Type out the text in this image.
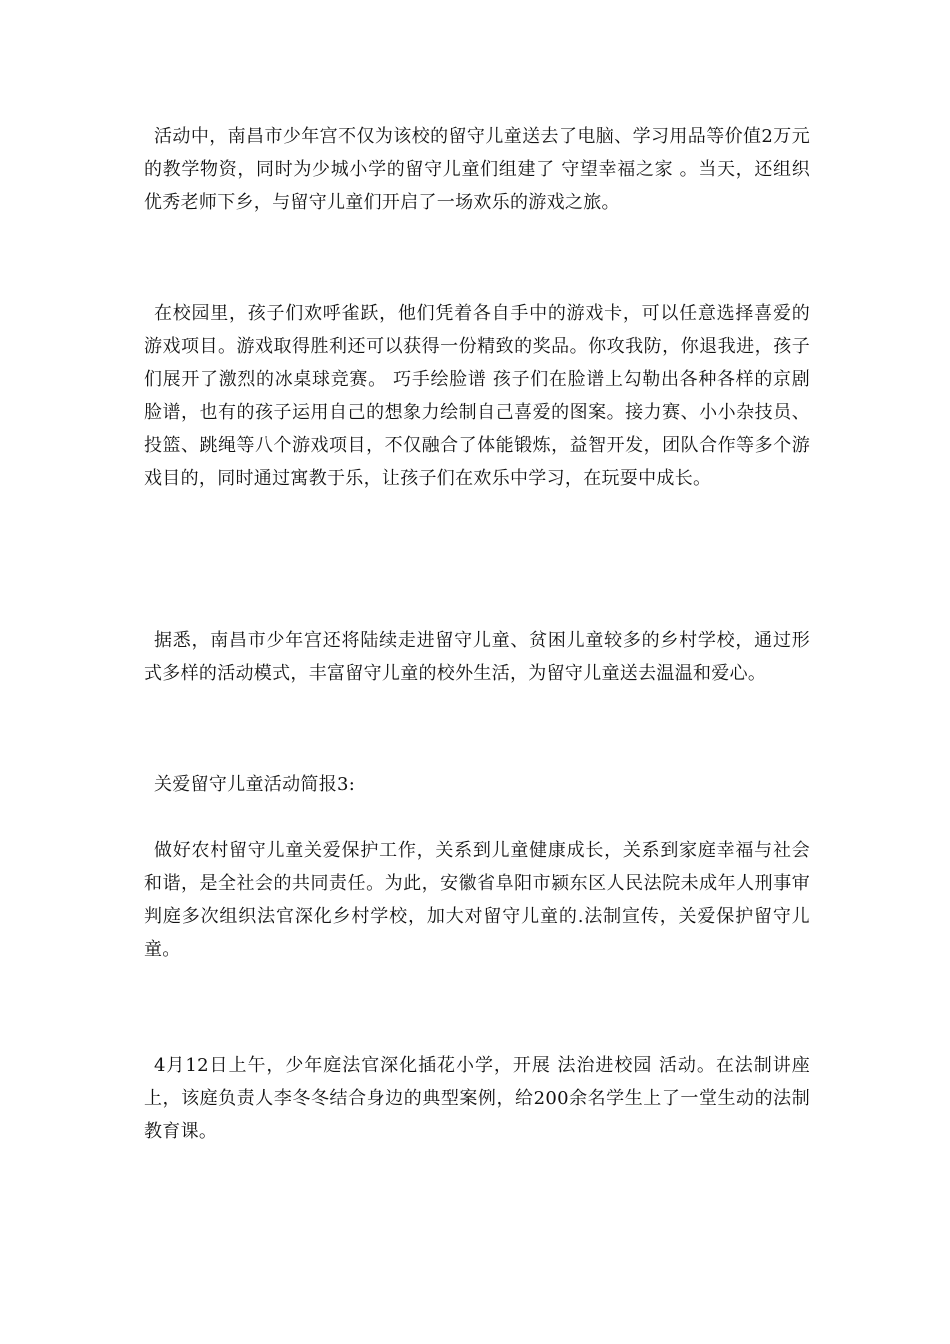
活动中，南昌市少年宫不仅为该校的留守儿童送去了电脑、学习用品等价值2万元的教学物资，同时为少城小学的留守儿童们组建了 守望幸福之家 。当天，还组织优秀老师下乡，与留守儿童们开启了一场欢乐的游戏之旅。

在校园里，孩子们欢呼雀跃，他们凭着各自手中的游戏卡，可以任意选择喜爱的游戏项目。游戏取得胜利还可以获得一份精致的奖品。你攻我防，你退我进，孩子们展开了激烈的冰桌球竞赛。 巧手绘脸谱 孩子们在脸谱上勾勒出各种各样的京剧脸谱，也有的孩子运用自己的想象力绘制自己喜爱的图案。接力赛、小小杂技员、投篮、跳绳等八个游戏项目，不仅融合了体能锻炼，益智开发，团队合作等多个游戏目的，同时通过寓教于乐，让孩子们在欢乐中学习，在玩耍中成长。

据悉，南昌市少年宫还将陆续走进留守儿童、贫困儿童较多的乡村学校，通过形式多样的活动模式，丰富留守儿童的校外生活，为留守儿童送去温温和爱心。

关爱留守儿童活动简报3:

做好农村留守儿童关爱保护工作，关系到儿童健康成长，关系到家庭幸福与社会和谐，是全社会的共同责任。为此，安徽省阜阳市颍东区人民法院未成年人刑事审判庭多次组织法官深化乡村学校，加大对留守儿童的.法制宣传，关爱保护留守儿童。

4月12日上午，少年庭法官深化插花小学，开展 法治进校园 活动。在法制讲座上，该庭负责人李冬冬结合身边的典型案例，给200余名学生上了一堂生动的法制教育课。
